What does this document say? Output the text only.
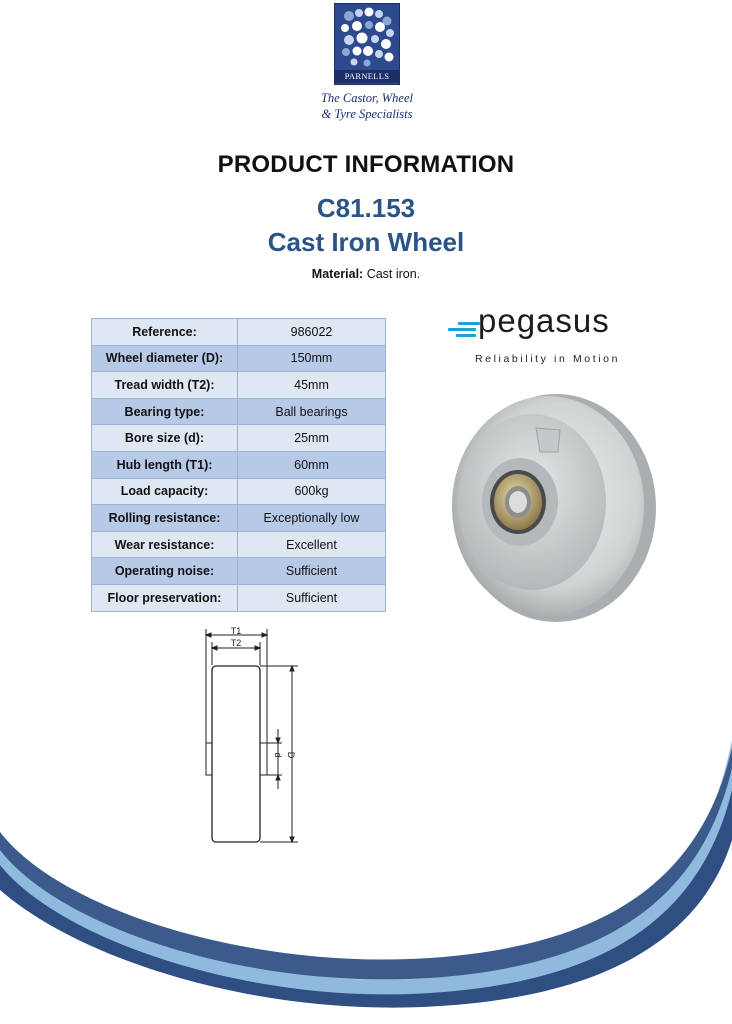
PARNELLS
The Castor, Wheel
& Tyre Specialists
PRODUCT INFORMATION
C81.153
Cast Iron Wheel
Material: Cast iron.
Reference:	986022
Wheel diameter (D):	150mm
Tread width (T2):	45mm
Bearing type:	Ball bearings
Bore size (d):	25mm
Hub length (T1):	60mm
Load capacity:	600kg
Rolling resistance:	Exceptionally low
Wear resistance:	Excellent
Operating noise:	Sufficient
Floor preservation:	Sufficient
pegasus
Reliability in Motion
T1
T2
d D
